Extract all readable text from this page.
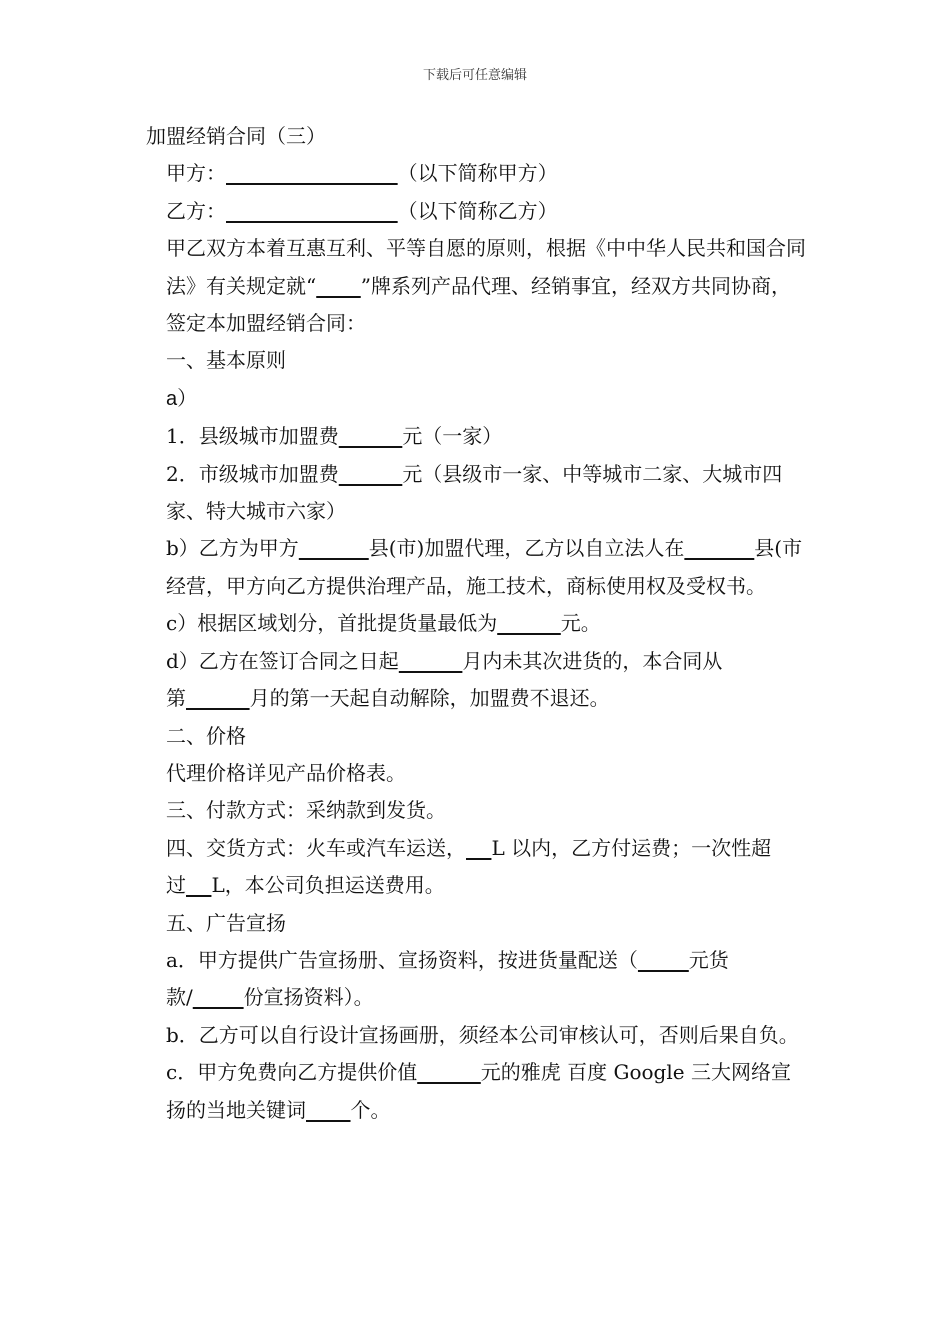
下载后可任意编辑

加盟经销合同（三）

甲方：	（以下简称甲方）

乙方：	（以下简称乙方）

甲乙双方本着互惠互利、平等自愿的原则，根据《中中华人民共和国合同法》有关规定就“ ”牌系列产品代理、经销事宜，经双方共同协商，签定本加盟经销合同：

一、基本原则

a）

1．县级城市加盟费	元（一家）

2．市级城市加盟费	元（县级市一家、中等城市二家、大城市四家、特大城市六家）

b）乙方为甲方	县(市)加盟代理，乙方以自立法人在	县(市经营，甲方向乙方提供治理产品，施工技术，商标使用权及受权书。

c）根据区域划分，首批提货量最低为	元。

d）乙方在签订合同之日起	月内未其次进货的，本合同从第	月的第一天起自动解除，加盟费不退还。

二、价格

代理价格详见产品价格表。

三、付款方式：采纳款到发货。

四、交货方式：火车或汽车运送， L 以内，乙方付运费；一次性超过 L，本公司负担运送费用。

五、广告宣扬

a．甲方提供广告宣扬册、宣扬资料，按进货量配送（	元货款/	份宣扬资料）。

b．乙方可以自行设计宣扬画册，须经本公司审核认可，否则后果自负。

c．甲方免费向乙方提供价值	元的雅虎 百度 Google 三大网络宣扬的当地关键词 个。
